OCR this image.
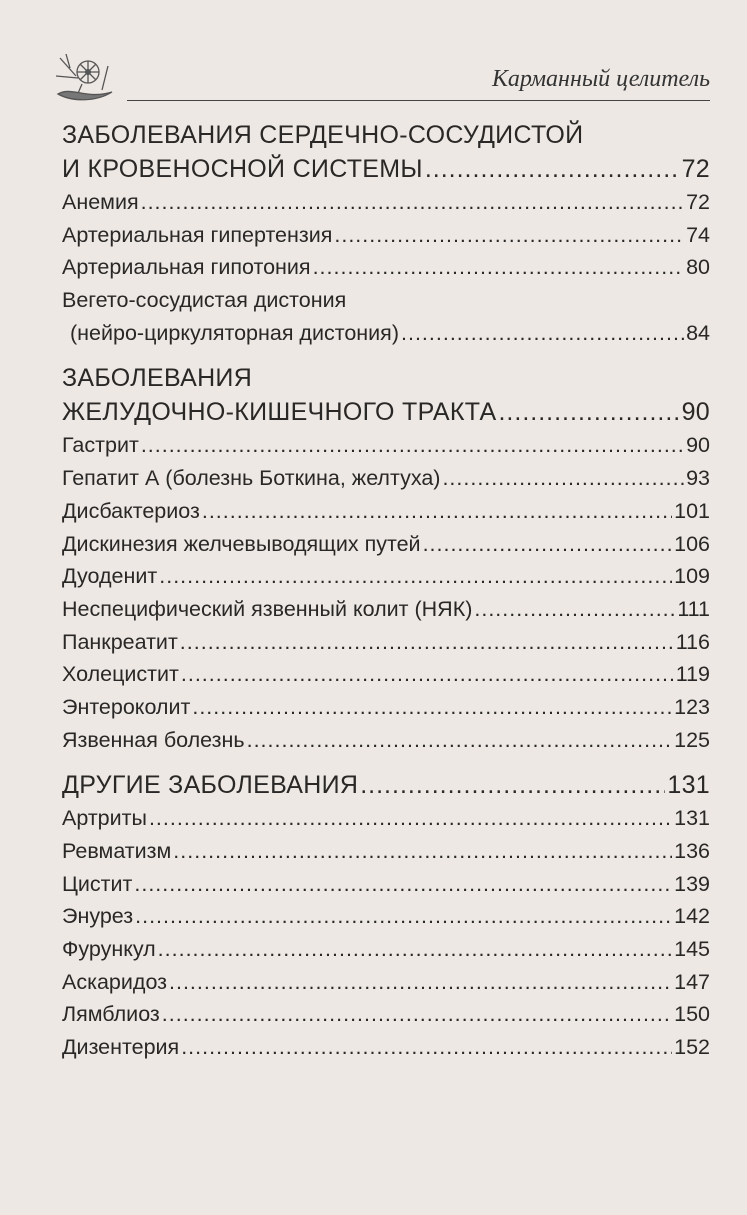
Карманный целитель
ЗАБОЛЕВАНИЯ СЕРДЕЧНО-СОСУДИСТОЙ
И КРОВЕНОСНОЙ СИСТЕМЫ .....	72
Анемия .....	72
Артериальная гипертензия .....	74
Артериальная гипотония .....	80
Вегето-сосудистая дистония
(нейро-циркуляторная дистония) .....	84
ЗАБОЛЕВАНИЯ
ЖЕЛУДОЧНО-КИШЕЧНОГО ТРАКТА .....	90
Гастрит .....	90
Гепатит А (болезнь Боткина, желтуха) .....	93
Дисбактериоз .....	101
Дискинезия желчевыводящих путей .....	106
Дуоденит .....	109
Неспецифический язвенный колит (НЯК) .....	111
Панкреатит .....	116
Холецистит .....	119
Энтероколит .....	123
Язвенная болезнь .....	125
ДРУГИЕ ЗАБОЛЕВАНИЯ .....	131
Артриты .....	131
Ревматизм .....	136
Цистит .....	139
Энурез .....	142
Фурункул .....	145
Аскаридоз .....	147
Лямблиоз .....	150
Дизентерия .....	152
